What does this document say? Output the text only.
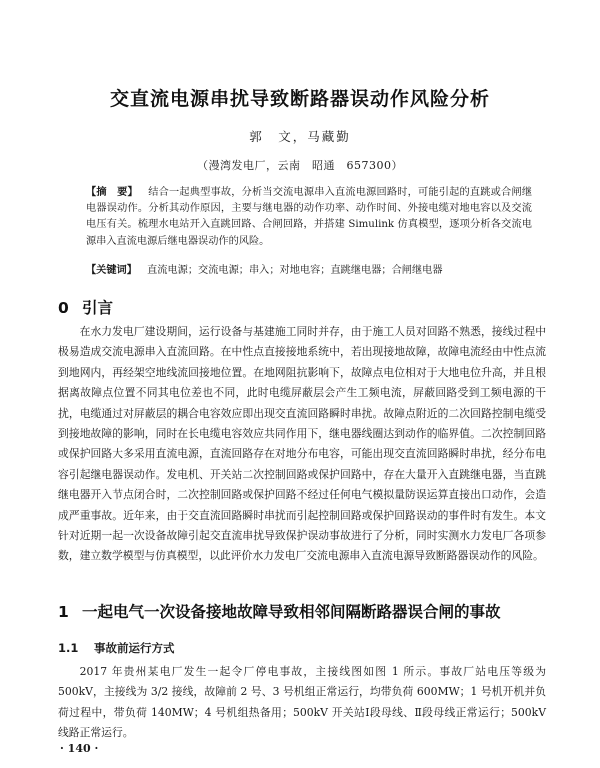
交直流电源串扰导致断路器误动作风险分析
郭　文，马藏勤
（漫湾发电厂，云南　昭通　657300）
【摘　要】  结合一起典型事故，分析当交流电源串入直流电源回路时，可能引起的直跳或合闸继电器误动作。分析其动作原因，主要与继电器的动作功率、动作时间、外接电缆对地电容以及交流电压有关。梳理水电站开入直跳回路、合闸回路，并搭建 Simulink 仿真模型，逐项分析各交流电源串入直流电源后继电器误动作的风险。
【关键词】  直流电源；交流电源；串入；对地电容；直跳继电器；合闸继电器
0 引言

在水力发电厂建设期间，运行设备与基建施工同时并存，由于施工人员对回路不熟悉，接线过程中极易造成交流电源串入直流回路。在中性点直接接地系统中，若出现接地故障，故障电流经由中性点流到地网内，再经架空地线流回接地位置。在地网阻抗影响下，故障点电位相对于大地电位升高，并且根据离故障点位置不同其电位差也不同，此时电缆屏蔽层会产生工频电流，屏蔽回路受到工频电源的干扰，电缆通过对屏蔽层的耦合电容效应即出现交直流回路瞬时串扰。故障点附近的二次回路控制电缆受到接地故障的影响，同时在长电缆电容效应共同作用下，继电器线圈达到动作的临界值。二次控制回路或保护回路大多采用直流电源，直流回路存在对地分布电容，可能出现交直流回路瞬时串扰，经分布电容引起继电器误动作。发电机、开关站二次控制回路或保护回路中，存在大量开入直跳继电器，当直跳继电器开入节点闭合时，二次控制回路或保护回路不经过任何电气模拟量防误运算直接出口动作，会造成严重事故。近年来，由于交直流回路瞬时串扰而引起控制回路或保护回路误动的事件时有发生。本文针对近期一起一次设备故障引起交直流串扰导致保护误动事故进行了分析，同时实测水力发电厂各项参数，建立数学模型与仿真模型，以此评价水力发电厂交流电源串入直流电源导致断路器误动作的风险。

1 一起电气一次设备接地故障导致相邻间隔断路器误合闸的事故
1.1 事故前运行方式

2017 年贵州某电厂发生一起令厂停电事故，主接线图如图 1 所示。事故厂站电压等级为 500kV，主接线为 3/2 接线，故障前 2 号、3 号机组正常运行，均带负荷 600MW；1 号机开机并负荷过程中，带负荷 140MW；4 号机组热备用；500kV 开关站Ⅰ段母线、Ⅱ段母线正常运行；500kV 线路正常运行。

· 140 ·
